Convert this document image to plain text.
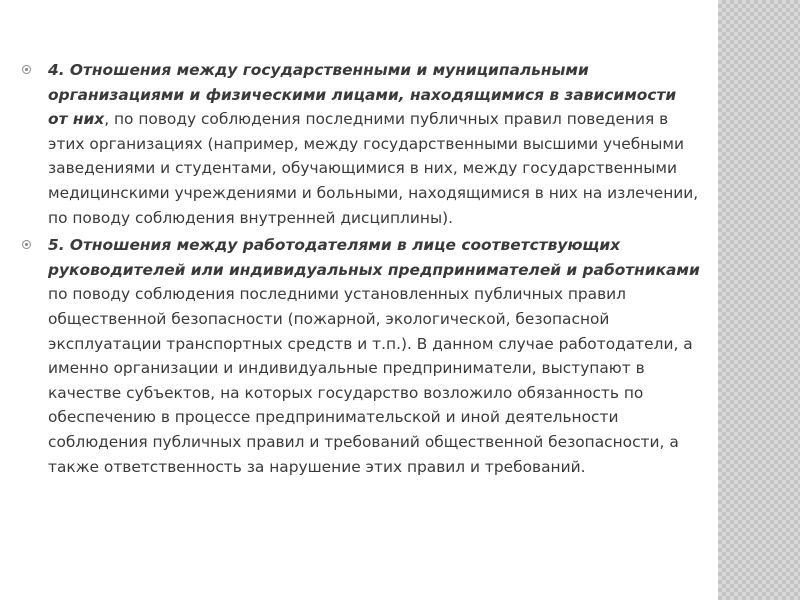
4. Отношения между государственными и муниципальными организациями и физическими лицами, находящимися в зависимости от них, по поводу соблюдения последними публичных правил поведения в этих организациях (например, между государственными высшими учебными заведениями и студентами, обучающимися в них, между государственными медицинскими учреждениями и больными, находящимися в них на излечении, по поводу соблюдения внутренней дисциплины).
5. Отношения между работодателями в лице соответствующих руководителей или индивидуальных предпринимателей и работниками по поводу соблюдения последними установленных публичных правил общественной безопасности (пожарной, экологической, безопасной эксплуатации транспортных средств и т.п.). В данном случае работодатели, а именно организации и индивидуальные предприниматели, выступают в качестве субъектов, на которых государство возложило обязанность по обеспечению в процессе предпринимательской и иной деятельности соблюдения публичных правил и требований общественной безопасности, а также ответственность за нарушение этих правил и требований.
